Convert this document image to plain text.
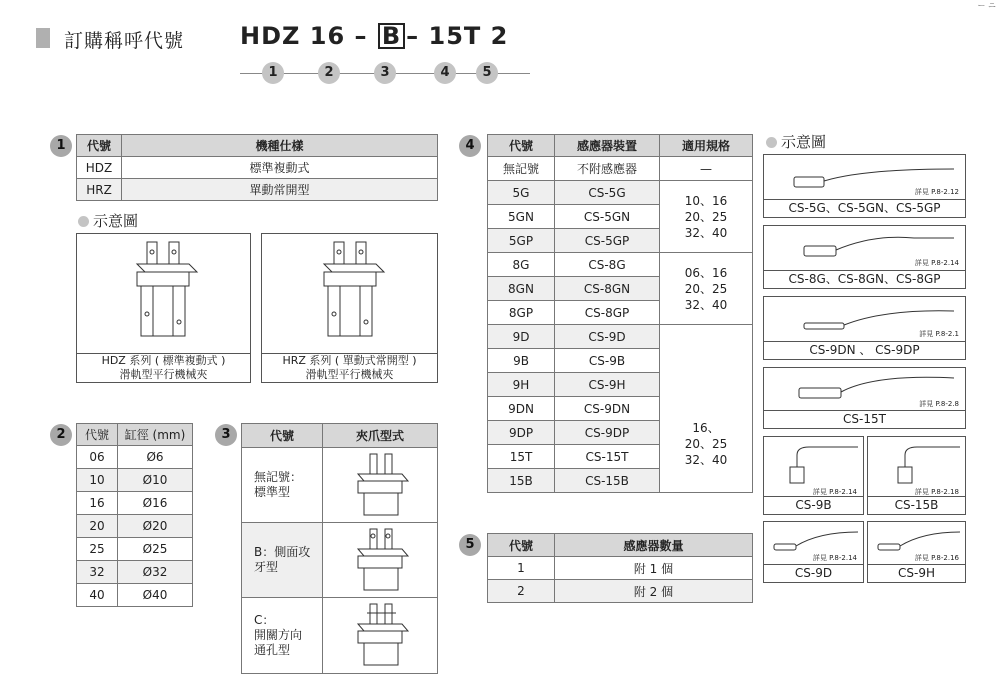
ー ニ
訂購稱呼代號 HDZ 16 – B – 15T 2
1	2	3	4	5
1	代號	機種仕樣
HDZ	標準複動式
HRZ	單動常開型
示意圖
HDZ 系列 ( 標準複動式 )
滑軌型平行機械夾
HRZ 系列 ( 單動式常開型 )
滑軌型平行機械夾
2	代號	缸徑 (mm)
06	Ø6
10	Ø10
16	Ø16
20	Ø20
25	Ø25
32	Ø32
40	Ø40
3	代號	夾爪型式

無記號：
標準型

B：側面攻
牙型

C：
開關方向
通孔型

4	代號	感應器裝置	適用規格
無記號	不附感應器	—
5G	CS-5G	10、16
20、25
32、40

5GN	CS-5GN	
5GP	CS-5GP	
8G	CS-8G	06、16
20、25
32、40

8GN	CS-8GN	
8GP	CS-8GP	
9D	CS-9D	16、
20、25
32、40

9B	CS-9B	
9H	CS-9H	
9DN	CS-9DN	
9DP	CS-9DP	
15T	CS-15T	
15B	CS-15B	
5	代號	感應器數量
1	附 1 個
2	附 2 個
示意圖
詳見 P.8-2.12
CS-5G、CS-5GN、CS-5GP
詳見 P.8-2.14
CS-8G、CS-8GN、CS-8GP
詳見 P.8-2.1
CS-9DN 、 CS-9DP
詳見 P.8-2.8
CS-15T
詳見 P.8-2.14
CS-9B
詳見 P.8-2.18
CS-15B
詳見 P.8-2.14
CS-9D
詳見 P.8-2.16
CS-9H
